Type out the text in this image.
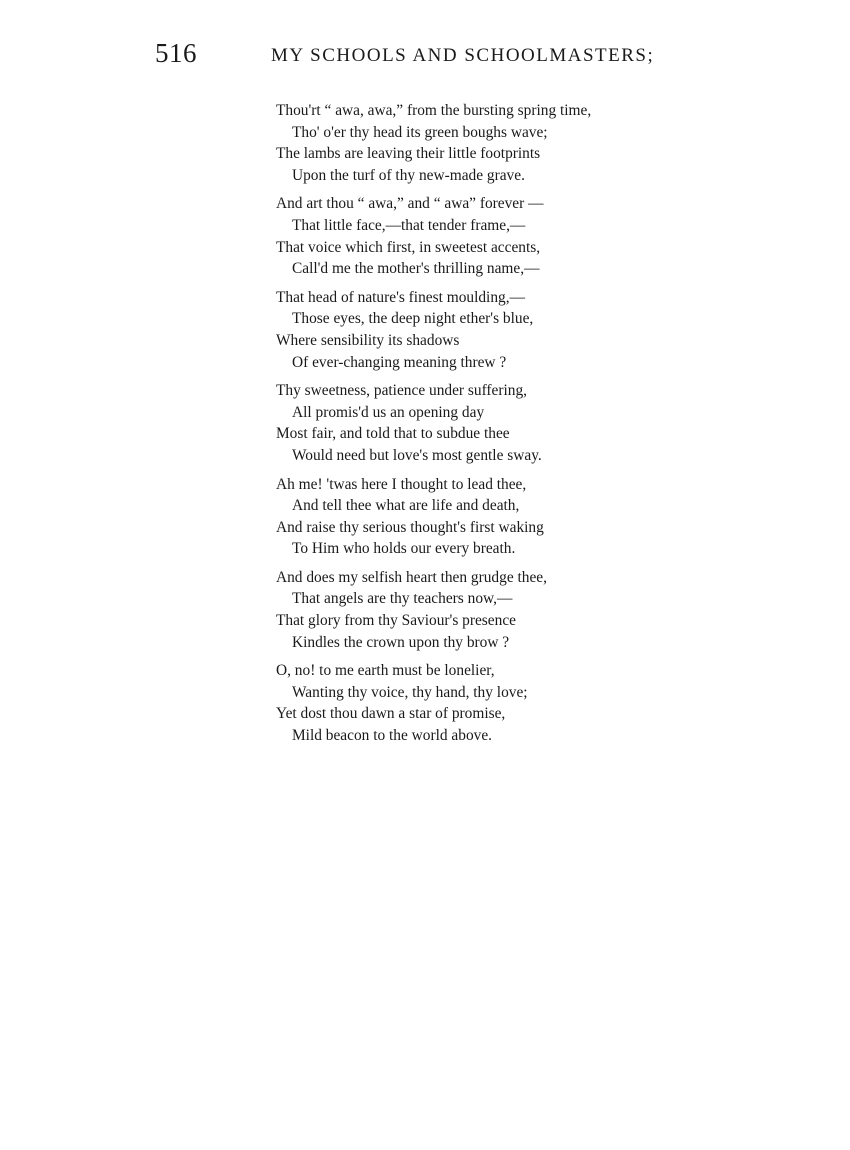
516	MY SCHOOLS AND SCHOOLMASTERS;
Thou'rt “ awa, awa,” from the bursting spring time,
Tho' o'er thy head its green boughs wave;
The lambs are leaving their little footprints
Upon the turf of thy new-made grave.
And art thou “ awa,” and “ awa” forever —
That little face,—that tender frame,—
That voice which first, in sweetest accents,
Call'd me the mother's thrilling name,—
That head of nature's finest moulding,—
Those eyes, the deep night ether's blue,
Where sensibility its shadows
Of ever-changing meaning threw ?
Thy sweetness, patience under suffering,
All promis'd us an opening day
Most fair, and told that to subdue thee
Would need but love's most gentle sway.
Ah me! 'twas here I thought to lead thee,
And tell thee what are life and death,
And raise thy serious thought's first waking
To Him who holds our every breath.
And does my selfish heart then grudge thee,
That angels are thy teachers now,—
That glory from thy Saviour's presence
Kindles the crown upon thy brow ?
O, no! to me earth must be lonelier,
Wanting thy voice, thy hand, thy love;
Yet dost thou dawn a star of promise,
Mild beacon to the world above.
